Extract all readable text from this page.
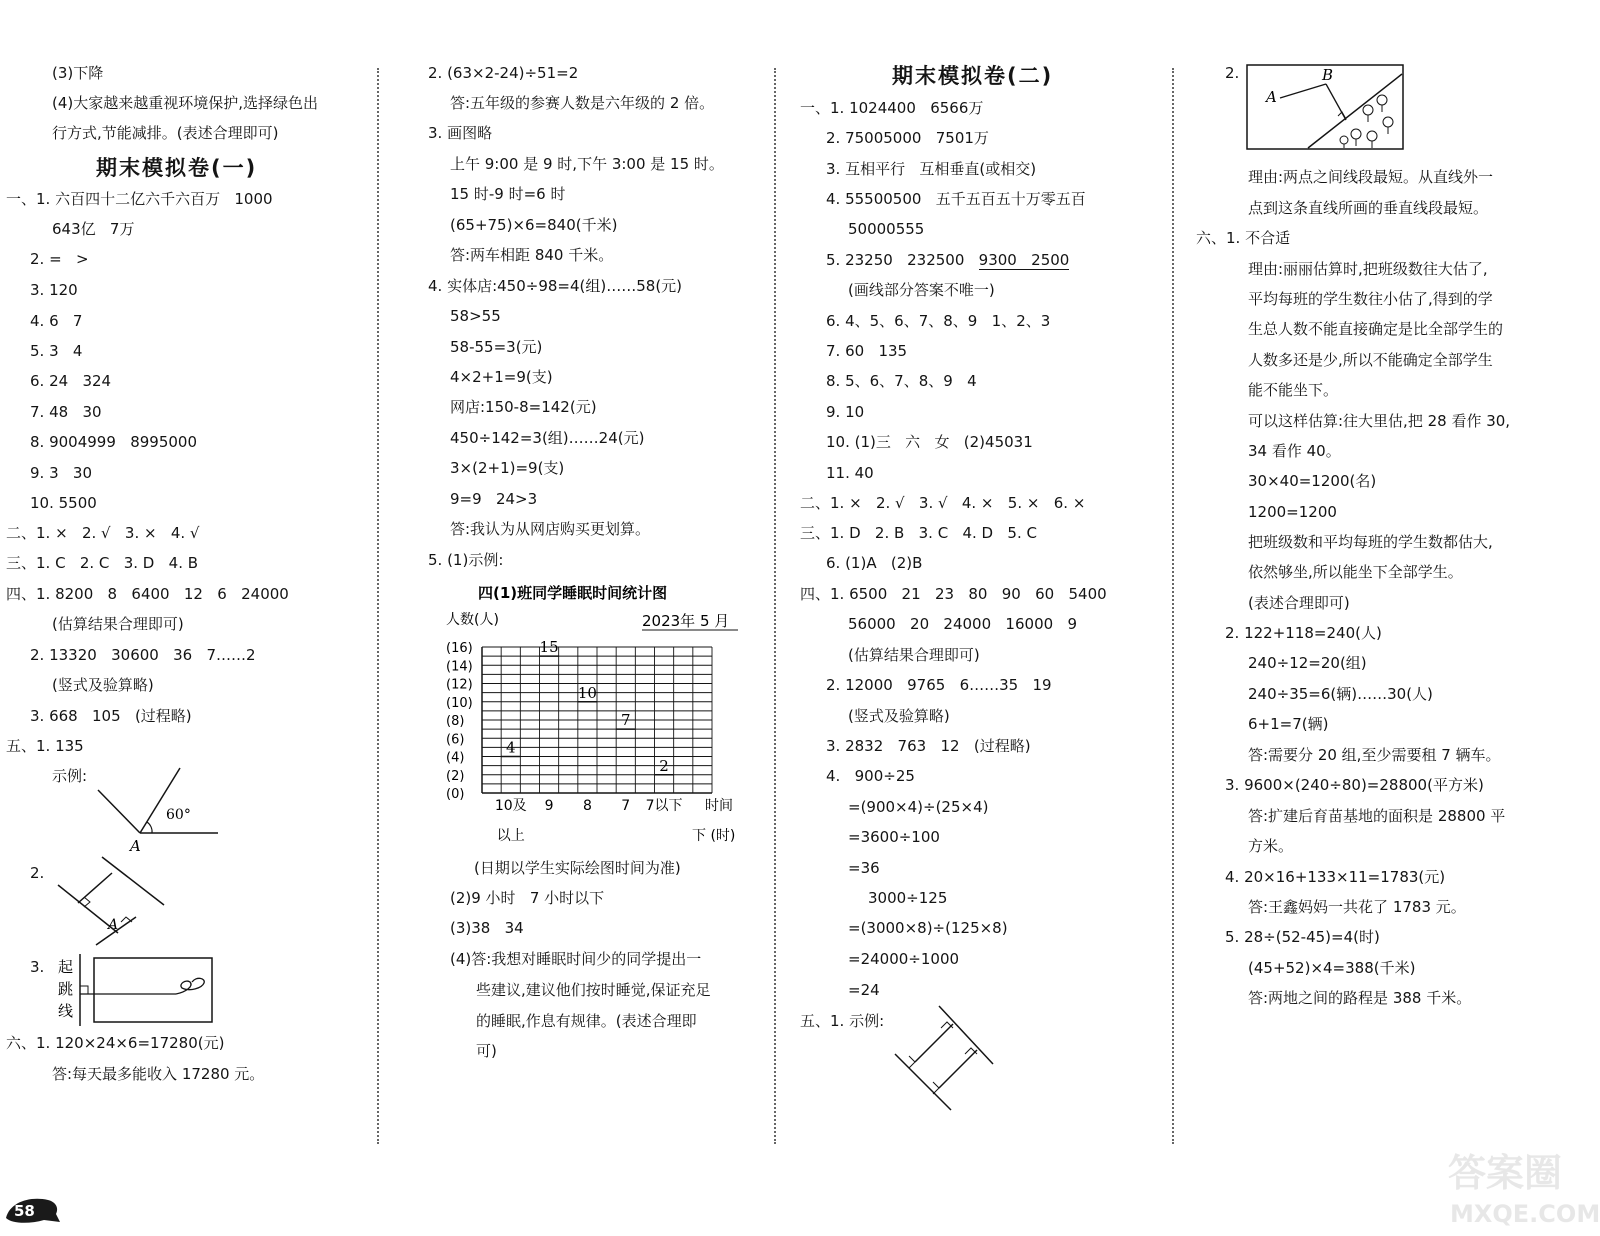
(3)下降
(4)大家越来越重视环境保护,选择绿色出
行方式,节能减排。(表述合理即可)
期末模拟卷(一)
一、1. 六百四十二亿六千六百万   1000
643亿   7万
2. =   >
3. 120
4. 6   7
5. 3   4
6. 24   324
7. 48   30
8. 9004999   8995000
9. 3   30
10. 5500
二、1. ×   2. √   3. ×   4. √
三、1. C   2. C   3. D   4. B
四、1. 8200   8   6400   12   6   24000
(估算结果合理即可)
2. 13320   30600   36   7……2
(竖式及验算略)
3. 668   105   (过程略)
五、1. 135
示例:
60°
A
2.
A
3. 起
跳
线
六、1. 120×24×6=17280(元)
答:每天最多能收入 17280 元。
2. (63×2-24)÷51=2
答:五年级的参赛人数是六年级的 2 倍。
3. 画图略
上午 9:00 是 9 时,下午 3:00 是 15 时。
15 时-9 时=6 时
(65+75)×6=840(千米)
答:两车相距 840 千米。
4. 实体店:450÷98=4(组)……58(元)
58>55
58-55=3(元)
4×2+1=9(支)
网店:150-8=142(元)
450÷142=3(组)……24(元)
3×(2+1)=9(支)
9=9   24>3
答:我认为从网店购买更划算。
5. (1)示例:
四(1)班同学睡眠时间统计图
人数(人)	2023年 5 月
(0)
(2)
(4)
(6)
(8)
(10)
(12)
(14)
(16)
4
15
10
7
2
10及
以上
9 8 7 7以下 时间
下 (时)
(日期以学生实际绘图时间为准)
(2)9 小时   7 小时以下
(3)38   34
(4)答:我想对睡眠时间少的同学提出一
些建议,建议他们按时睡觉,保证充足
的睡眠,作息有规律。(表述合理即
可)
期末模拟卷(二)
一、1. 1024400   6566万
2. 75005000   7501万
3. 互相平行   互相垂直(或相交)
4. 55500500   五千五百五十万零五百
50000555
5. 23250   232500   9300   2500
(画线部分答案不唯一)
6. 4、5、6、7、8、9   1、2、3
7. 60   135
8. 5、6、7、8、9   4
9. 10
10. (1)三   六   女   (2)45031
11. 40
二、1. ×   2. √   3. √   4. ×   5. ×   6. ×
三、1. D   2. B   3. C   4. D   5. C
6. (1)A   (2)B
四、1. 6500   21   23   80   90   60   5400
56000   20   24000   16000   9
(估算结果合理即可)
2. 12000   9765   6……35   19
(竖式及验算略)
3. 2832   763   12   (过程略)
4.   900÷25
=(900×4)÷(25×4)
=3600÷100
=36
3000÷125
=(3000×8)÷(125×8)
=24000÷1000
=24
五、1. 示例:
2.
A
B
理由:两点之间线段最短。从直线外一
点到这条直线所画的垂直线段最短。
六、1. 不合适
理由:丽丽估算时,把班级数往大估了,
平均每班的学生数往小估了,得到的学
生总人数不能直接确定是比全部学生的
人数多还是少,所以不能确定全部学生
能不能坐下。
可以这样估算:往大里估,把 28 看作 30,
34 看作 40。
30×40=1200(名)
1200=1200
把班级数和平均每班的学生数都估大,
依然够坐,所以能坐下全部学生。
(表述合理即可)
2. 122+118=240(人)
240÷12=20(组)
240÷35=6(辆)……30(人)
6+1=7(辆)
答:需要分 20 组,至少需要租 7 辆车。
3. 9600×(240÷80)=28800(平方米)
答:扩建后育苗基地的面积是 28800 平
方米。
4. 20×16+133×11=1783(元)
答:王鑫妈妈一共花了 1783 元。
5. 28÷(52-45)=4(时)
(45+52)×4=388(千米)
答:两地之间的路程是 388 千米。
58
答案圈
MXQE.COM
